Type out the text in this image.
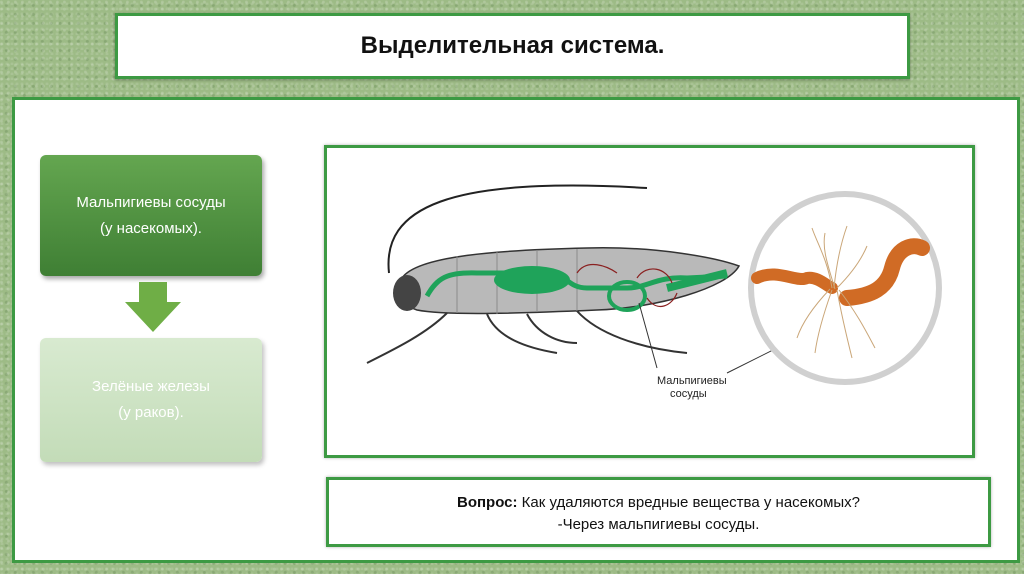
Выделительная система.
Мальпигиевы сосуды
(у насекомых).
Зелёные железы
(у раков).
Мальпигиевы
сосуды
Вопрос: Как удаляются вредные вещества у насекомых?
-Через мальпигиевы сосуды.
